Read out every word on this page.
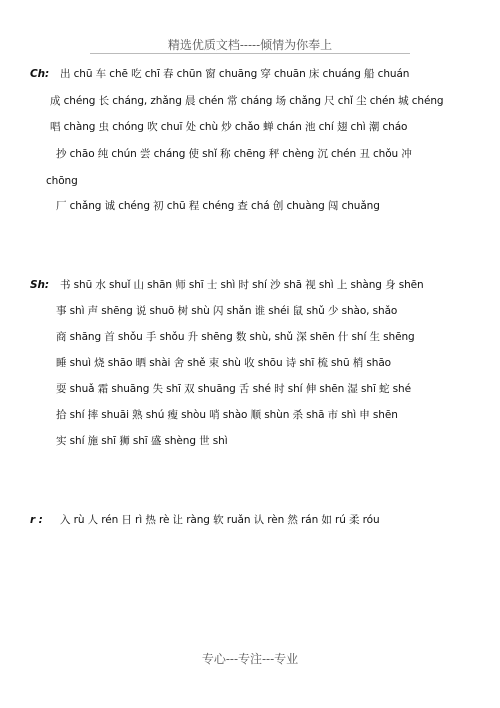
精选优质文档-----倾情为你奉上
Ch: 出 chū 车 chē 吃 chī 春 chūn 窗 chuāng 穿 chuān 床 chuáng 船 chuán
成 chéng 长 cháng, zhǎng 晨 chén 常 cháng 场 chǎng 尺 chǐ 尘 chén 城 chéng
唱 chàng 虫 chóng 吹 chuī 处 chù 炒 chǎo 蝉 chán 池 chí 翅 chì 潮 cháo
抄 chāo 纯 chún 尝 cháng 使 shǐ 称 chēng 秤 chèng 沉 chén 丑 chǒu 冲
chōng
厂 chǎng 诚 chéng 初 chū 程 chéng 查 chá 创 chuàng 闯 chuǎng
Sh: 书 shū 水 shuǐ 山 shān 师 shī 士 shì 时 shí 沙 shā 视 shì 上 shàng 身 shēn
事 shì 声 shēng 说 shuō 树 shù 闪 shǎn 谁 shéi 鼠 shǔ 少 shào, shǎo
商 shāng 首 shǒu 手 shǒu 升 shēng 数 shù, shǔ 深 shēn 什 shí 生 shēng
睡 shuì 烧 shāo 晒 shài 舍 shě 束 shù 收 shōu 诗 shī 梳 shū 梢 shāo
耍 shuǎ 霜 shuāng 失 shī 双 shuāng 舌 shé 时 shí 伸 shēn 湿 shī 蛇 shé
拾 shí 摔 shuāi 熟 shú 瘦 shòu 哨 shào 顺 shùn 杀 shā 市 shì 申 shēn
实 shí 施 shī 狮 shī 盛 shèng 世 shì
r : 入 rù 人 rén 日 rì 热 rè 让 ràng 软 ruǎn 认 rèn 然 rán 如 rú 柔 róu
专心---专注---专业
